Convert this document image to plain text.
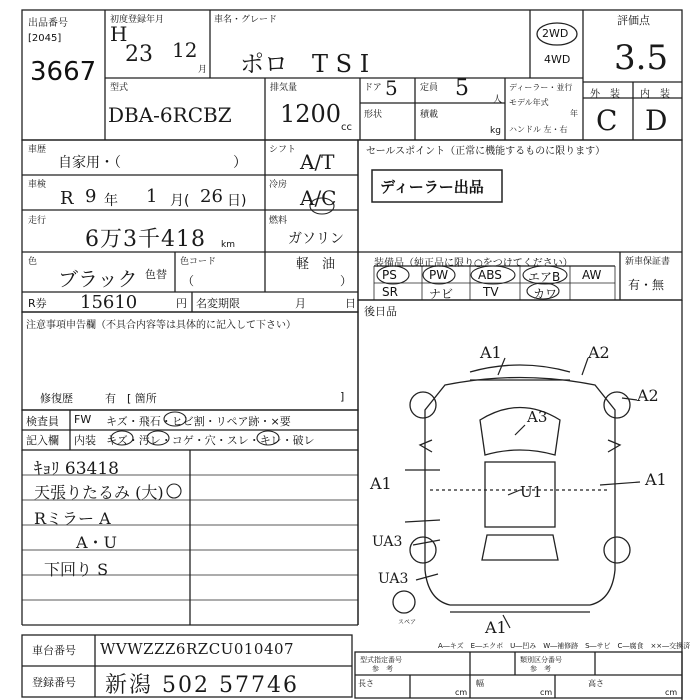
出品番号
[2045]
3667
初度登録年月
H
23 12
月
車名・グレード
ポロ　T S I
2WD
4WD
評価点
3.5
型式
DBA-6RCBZ
排気量
1200 cc
ドア 5 定員 5	人
形状	積載
kg
ディーラー・並行
モデル年式
年
ハンドル 左・右
外　装 内　装
C D
車歴
自家用・（　　　　　　　　）
シフト A/T
車検
R 9 年 1 月( 26 日)
冷房
A/C
走行
6万3千418 km
燃料
ガソリン
軽　油
色
ブラック 色替
色コード
（	）
R券 15610	円 名変期限	月	日
注意事項申告欄（不具合内容等は具体的に記入して下さい）
修復歴	有　[ 箇所	]
セールスポイント（正常に機能するものに限ります）
ディーラー出品
装備品（純正品に限り○をつけてください）
PS	PW ABS エアB AW
SR	ナビ TV	カワ
新車保証書
有・無
後日品
検査員
記入欄
FW キズ・飛石・ヒビ割・リペア跡・×要
内装 キズ・汚レ・コゲ・穴・スレ・キレ・破レ
ｷｮﾘ 63418
天張りたるみ (大)
Rミラー A
A・U
下回り S
A1	A2
A2
A3
A1	A1
U1
UA3
UA3
A1
スペア
A―キズ　E―エクボ　U―凹み　W―補修跡　S―サビ　C―腐食　××―交換済
車台番号 WVWZZZ6RZCU010407
登録番号 新潟 502 57746
型式指定番号
参　考
類別区分番号
参　考
長さ	幅	高さ
cm	cm	cm
